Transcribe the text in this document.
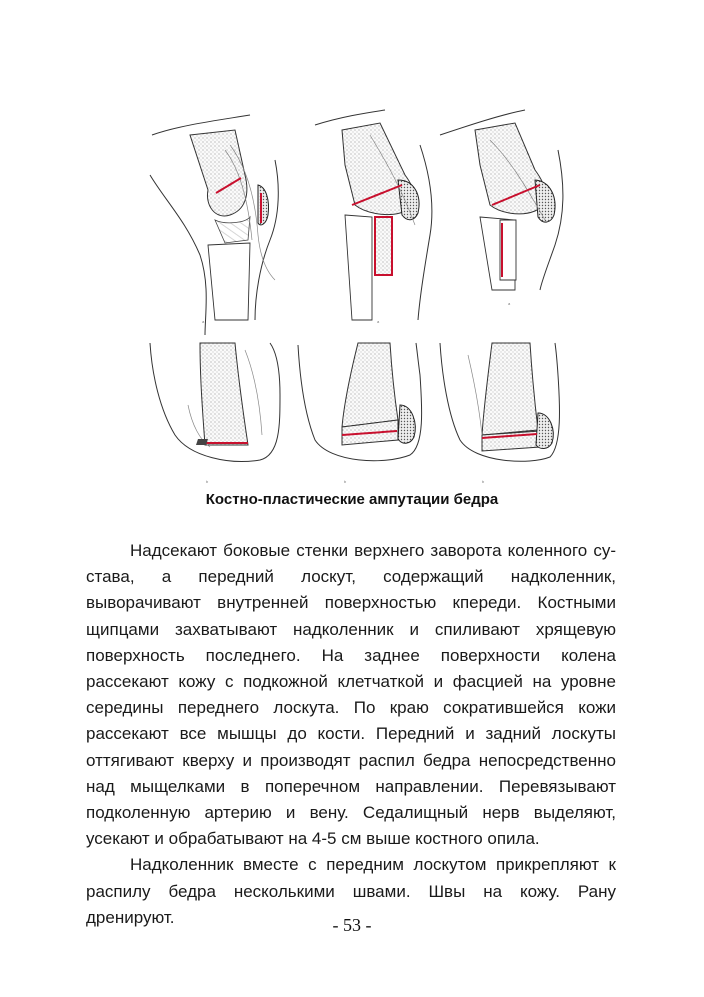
a	a
a
b	b	b
Костно-пластические ампутации бедра

Надсекают боковые стенки верхнего заворота коленного сустава, а передний лоскут, содержащий надколенник, выворачивают внутренней поверхностью кпереди. Костными щипцами захватывают надколенник и спиливают хрящевую поверхность последнего. На заднее поверхности колена рассекают кожу с подкожной клетчаткой и фасцией на уровне середины переднего лоскута. По краю сократившейся кожи рассекают все мышцы до кости. Передний и задний лоскуты оттягивают кверху и производят распил бедра непосредственно над мыщелками в поперечном направлении. Перевязывают подколенную артерию и вену. Седалищный нерв выделяют, усекают и обрабатывают на 4-5 см выше костного опила.

Надколенник вместе с передним лоскутом прикрепляют к распилу бедра несколькими швами. Швы на кожу. Рану дренируют.	- 53 -
